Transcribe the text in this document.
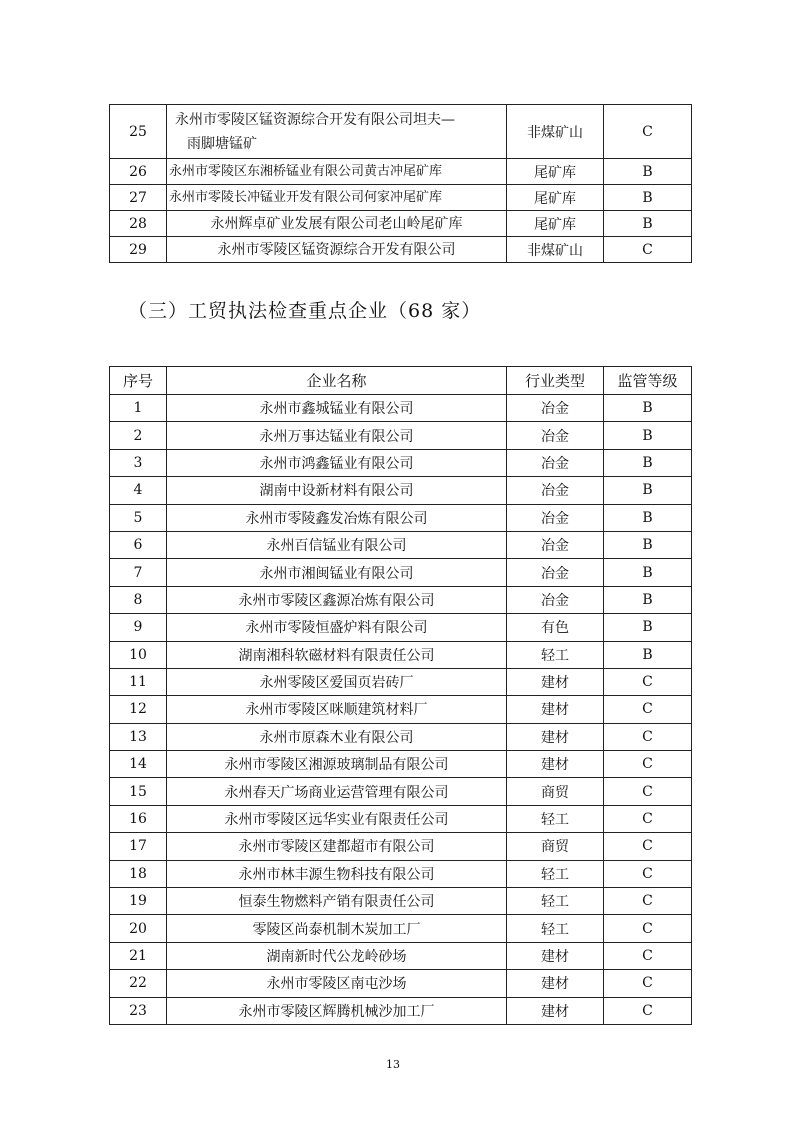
25	永州市零陵区锰资源综合开发有限公司坦夫—
雨脚塘锰矿	非煤矿山	C
26	永州市零陵区东湘桥锰业有限公司黄古冲尾矿库	尾矿库	B
27	永州市零陵长冲锰业开发有限公司何家冲尾矿库	尾矿库	B
28	永州辉卓矿业发展有限公司老山岭尾矿库	尾矿库	B
29	永州市零陵区锰资源综合开发有限公司	非煤矿山	C
（三）工贸执法检查重点企业（68 家）
序号	企业名称	行业类型	监管等级
1	永州市鑫城锰业有限公司	冶金	B
2	永州万事达锰业有限公司	冶金	B
3	永州市鸿鑫锰业有限公司	冶金	B
4	湖南中设新材料有限公司	冶金	B
5	永州市零陵鑫发冶炼有限公司	冶金	B
6	永州百信锰业有限公司	冶金	B
7	永州市湘闽锰业有限公司	冶金	B
8	永州市零陵区鑫源冶炼有限公司	冶金	B
9	永州市零陵恒盛炉料有限公司	有色	B
10	湖南湘科软磁材料有限责任公司	轻工	B
11	永州零陵区爱国页岩砖厂	建材	C
12	永州市零陵区咪顺建筑材料厂	建材	C
13	永州市原森木业有限公司	建材	C
14	永州市零陵区湘源玻璃制品有限公司	建材	C
15	永州春天广场商业运营管理有限公司	商贸	C
16	永州市零陵区远华实业有限责任公司	轻工	C
17	永州市零陵区建都超市有限公司	商贸	C
18	永州市林丰源生物科技有限公司	轻工	C
19	恒泰生物燃料产销有限责任公司	轻工	C
20	零陵区尚泰机制木炭加工厂	轻工	C
21	湖南新时代公龙岭砂场	建材	C
22	永州市零陵区南屯沙场	建材	C
23	永州市零陵区辉腾机械沙加工厂	建材	C
13
